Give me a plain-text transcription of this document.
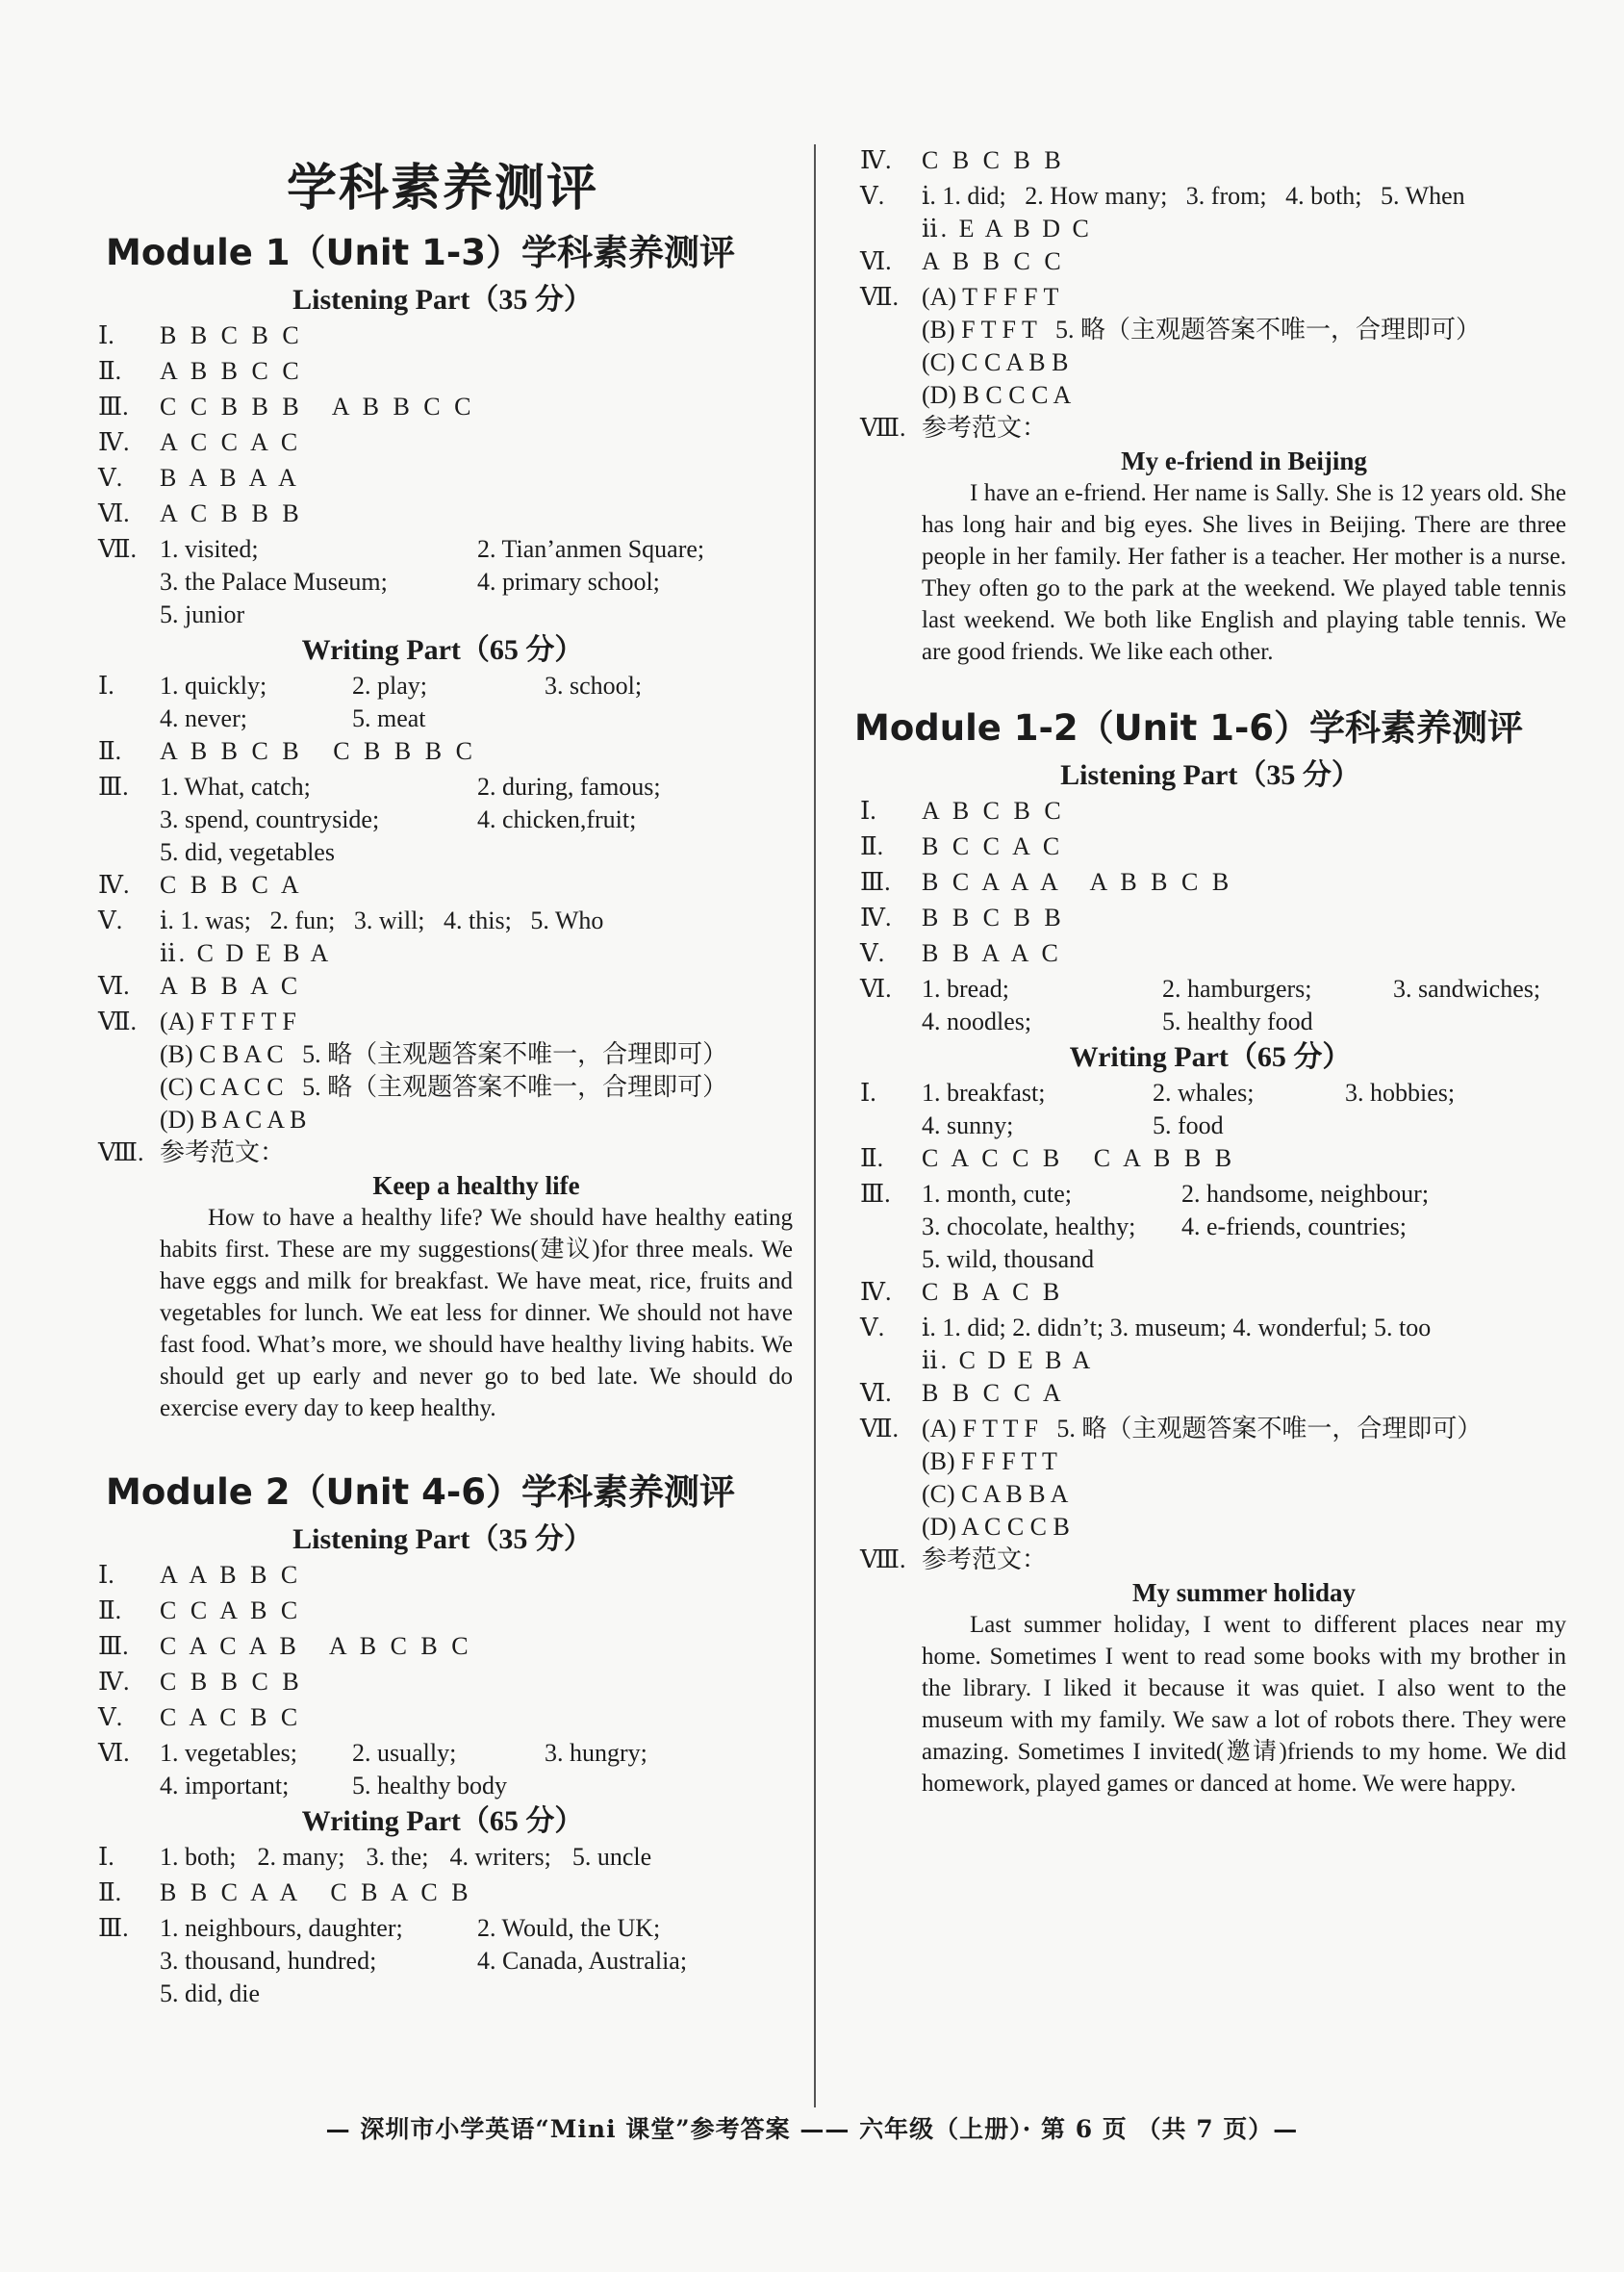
学科素养测评
Module 1（Unit 1-3）学科素养测评
Listening Part（35 分）
Ⅰ.	B B C B C
Ⅱ.	A B B C C
Ⅲ.	C C B B B   A B B C C
Ⅳ.	A C C A C
Ⅴ.	B A B A A
Ⅵ.	A C B B B
Ⅶ. 1. visited;	2. Tian’anmen Square;
3. the Palace Museum;	4. primary school;
5. junior
Writing Part（65 分）
Ⅰ.	1. quickly;	2. play;	3. school;
4. never;	5. meat
Ⅱ.	A B B C B   C B B B C
Ⅲ.	1. What, catch;	2. during, famous;
3. spend, countryside;	4. chicken,fruit;
5. did, vegetables
Ⅳ.	C B B C A
Ⅴ.	ⅰ. 1. was;   2. fun;   3. will;   4. this;   5. Who
ⅱ. C D E B A
Ⅵ.	A B B A C
Ⅶ. (A) F T F T F
(B) C B A C   5. 略（主观题答案不唯一，合理即可）
(C) C A C C   5. 略（主观题答案不唯一，合理即可）
(D) B A C A B
Ⅷ. 参考范文：
Keep a healthy life
How to have a healthy life? We should have healthy eating habits first. These are my suggestions(建议)for three meals. We have eggs and milk for breakfast. We have meat, rice, fruits and vegetables for lunch. We eat less for dinner. We should not have fast food. What’s more, we should have healthy living habits. We should get up early and never go to bed late. We should do exercise every day to keep healthy.
Module 2（Unit 4-6）学科素养测评
Listening Part（35 分）
Ⅰ.	A A B B C
Ⅱ.	C C A B C
Ⅲ.	C A C A B   A B C B C
Ⅳ.	C B B C B
Ⅴ.	C A C B C
Ⅵ.	1. vegetables;	2. usually;	3. hungry;
4. important;	5. healthy body
Writing Part（65 分）
Ⅰ.	1. both; 2. many; 3. the; 4. writers; 5. uncle
Ⅱ.	B B C A A   C B A C B
Ⅲ.	1. neighbours, daughter;	2. Would, the UK;
3. thousand, hundred;	4. Canada, Australia;
5. did, die
Ⅳ.	C B C B B
Ⅴ.	ⅰ. 1. did;   2. How many;   3. from;   4. both;   5. When
ⅱ. E A B D C
Ⅵ.	A B B C C
Ⅶ. (A) T F F F T
(B) F T F T   5. 略（主观题答案不唯一，合理即可）
(C) C C A B B
(D) B C C C A
Ⅷ. 参考范文：
My e-friend in Beijing
I have an e-friend. Her name is Sally. She is 12 years old. She has long hair and big eyes. She lives in Beijing. There are three people in her family. Her father is a teacher. Her mother is a nurse. They often go to the park at the weekend. We played table tennis last weekend. We both like English and playing table tennis. We are good friends. We like each other.
Module 1-2（Unit 1-6）学科素养测评
Listening Part（35 分）
Ⅰ.	A B C B C
Ⅱ.	B C C A C
Ⅲ.	B C A A A   A B B C B
Ⅳ.	B B C B B
Ⅴ.	B B A A C
Ⅵ.	1. bread;	2. hamburgers;	3. sandwiches;
4. noodles;	5. healthy food
Writing Part（65 分）
Ⅰ.	1. breakfast;	2. whales;	3. hobbies;
4. sunny;	5. food
Ⅱ.	C A C C B   C A B B B
Ⅲ.	1. month, cute;	2. handsome, neighbour;
3. chocolate, healthy;	4. e-friends, countries;
5. wild, thousand
Ⅳ.	C B A C B
Ⅴ.	ⅰ. 1. did; 2. didn’t; 3. museum; 4. wonderful; 5. too
ⅱ. C D E B A
Ⅵ.	B B C C A
Ⅶ. (A) F T T F   5. 略（主观题答案不唯一，合理即可）
(B) F F F T T
(C) C A B B A
(D) A C C C B
Ⅷ. 参考范文：
My summer holiday
Last summer holiday, I went to different places near my home. Sometimes I went to read some books with my brother in the library. I liked it because it was quiet. I also went to the museum with my family. We saw a lot of robots there. They were amazing. Sometimes I invited(邀请)friends to my home. We did homework, played games or danced at home. We were happy.
— 深圳市小学英语“Mini 课堂”参考答案 —— 六年级（上册）· 第 6 页 （共 7 页）—
